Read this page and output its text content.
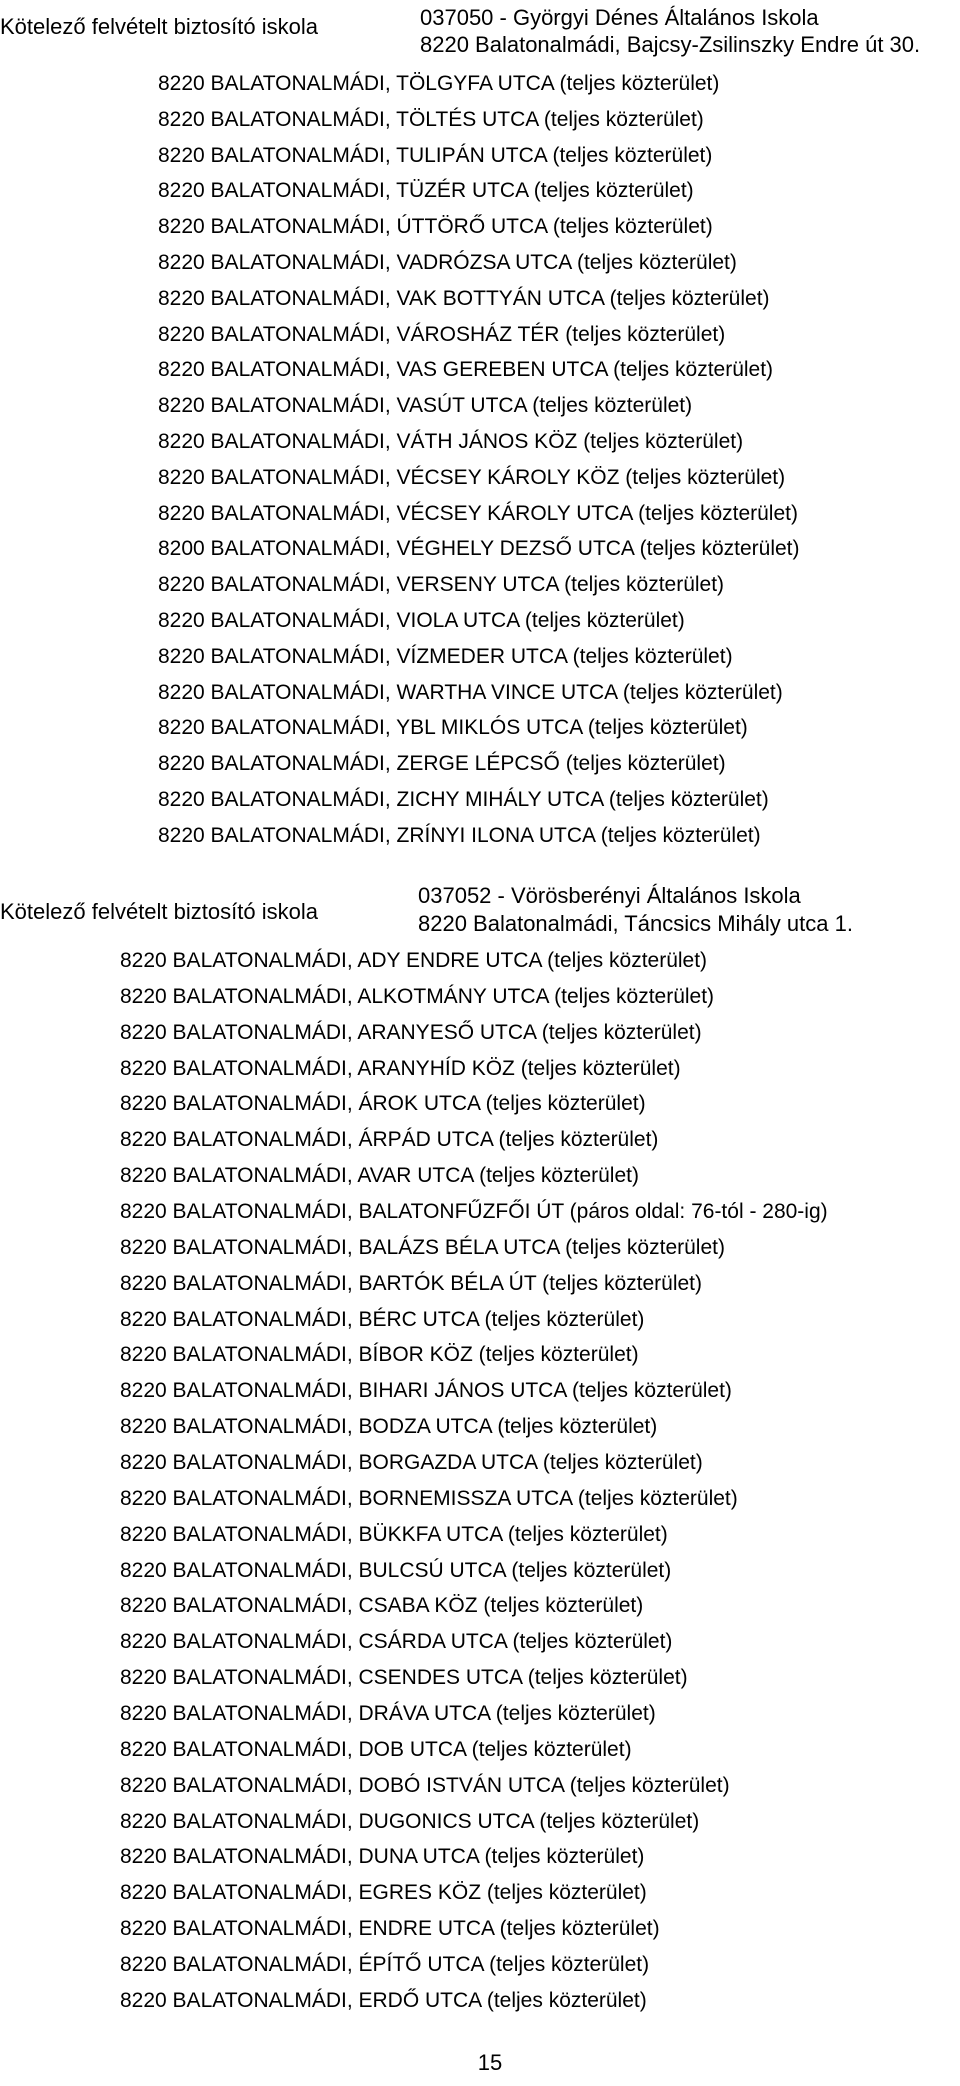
Kötelező felvételt biztosító iskola	037050 - Györgyi Dénes Általános Iskola
8220 Balatonalmádi, Bajcsy-Zsilinszky Endre út 30.
8220 BALATONALMÁDI, TÖLGYFA UTCA (teljes közterület)
8220 BALATONALMÁDI, TÖLTÉS UTCA (teljes közterület)
8220 BALATONALMÁDI, TULIPÁN UTCA (teljes közterület)
8220 BALATONALMÁDI, TÜZÉR UTCA (teljes közterület)
8220 BALATONALMÁDI, ÚTTÖRŐ UTCA (teljes közterület)
8220 BALATONALMÁDI, VADRÓZSA UTCA (teljes közterület)
8220 BALATONALMÁDI, VAK BOTTYÁN UTCA (teljes közterület)
8220 BALATONALMÁDI, VÁROSHÁZ TÉR (teljes közterület)
8220 BALATONALMÁDI, VAS GEREBEN UTCA (teljes közterület)
8220 BALATONALMÁDI, VASÚT UTCA (teljes közterület)
8220 BALATONALMÁDI, VÁTH JÁNOS KÖZ (teljes közterület)
8220 BALATONALMÁDI, VÉCSEY KÁROLY KÖZ (teljes közterület)
8220 BALATONALMÁDI, VÉCSEY KÁROLY UTCA (teljes közterület)
8200 BALATONALMÁDI, VÉGHELY DEZSŐ UTCA (teljes közterület)
8220 BALATONALMÁDI, VERSENY UTCA (teljes közterület)
8220 BALATONALMÁDI, VIOLA UTCA (teljes közterület)
8220 BALATONALMÁDI, VÍZMEDER UTCA (teljes közterület)
8220 BALATONALMÁDI, WARTHA VINCE UTCA (teljes közterület)
8220 BALATONALMÁDI, YBL MIKLÓS UTCA (teljes közterület)
8220 BALATONALMÁDI, ZERGE LÉPCSŐ (teljes közterület)
8220 BALATONALMÁDI, ZICHY MIHÁLY UTCA (teljes közterület)
8220 BALATONALMÁDI, ZRÍNYI ILONA UTCA (teljes közterület)
Kötelező felvételt biztosító iskola
037052 - Vörösberényi Általános Iskola
8220 Balatonalmádi, Táncsics Mihály utca 1.
8220 BALATONALMÁDI, ADY ENDRE UTCA (teljes közterület)
8220 BALATONALMÁDI, ALKOTMÁNY UTCA (teljes közterület)
8220 BALATONALMÁDI, ARANYESŐ UTCA (teljes közterület)
8220 BALATONALMÁDI, ARANYHÍD KÖZ (teljes közterület)
8220 BALATONALMÁDI, ÁROK UTCA (teljes közterület)
8220 BALATONALMÁDI, ÁRPÁD UTCA (teljes közterület)
8220 BALATONALMÁDI, AVAR UTCA (teljes közterület)
8220 BALATONALMÁDI, BALATONFŰZFŐI ÚT (páros oldal: 76-tól - 280-ig)
8220 BALATONALMÁDI, BALÁZS BÉLA UTCA (teljes közterület)
8220 BALATONALMÁDI, BARTÓK BÉLA ÚT (teljes közterület)
8220 BALATONALMÁDI, BÉRC UTCA (teljes közterület)
8220 BALATONALMÁDI, BÍBOR KÖZ (teljes közterület)
8220 BALATONALMÁDI, BIHARI JÁNOS UTCA (teljes közterület)
8220 BALATONALMÁDI, BODZA UTCA (teljes közterület)
8220 BALATONALMÁDI, BORGAZDA UTCA (teljes közterület)
8220 BALATONALMÁDI, BORNEMISSZA UTCA (teljes közterület)
8220 BALATONALMÁDI, BÜKKFA UTCA (teljes közterület)
8220 BALATONALMÁDI, BULCSÚ UTCA (teljes közterület)
8220 BALATONALMÁDI, CSABA KÖZ (teljes közterület)
8220 BALATONALMÁDI, CSÁRDA UTCA (teljes közterület)
8220 BALATONALMÁDI, CSENDES UTCA (teljes közterület)
8220 BALATONALMÁDI, DRÁVA UTCA (teljes közterület)
8220 BALATONALMÁDI, DOB UTCA (teljes közterület)
8220 BALATONALMÁDI, DOBÓ ISTVÁN UTCA (teljes közterület)
8220 BALATONALMÁDI, DUGONICS UTCA (teljes közterület)
8220 BALATONALMÁDI, DUNA UTCA (teljes közterület)
8220 BALATONALMÁDI, EGRES KÖZ (teljes közterület)
8220 BALATONALMÁDI, ENDRE UTCA (teljes közterület)
8220 BALATONALMÁDI, ÉPÍTŐ UTCA (teljes közterület)
8220 BALATONALMÁDI, ERDŐ UTCA (teljes közterület)
15
